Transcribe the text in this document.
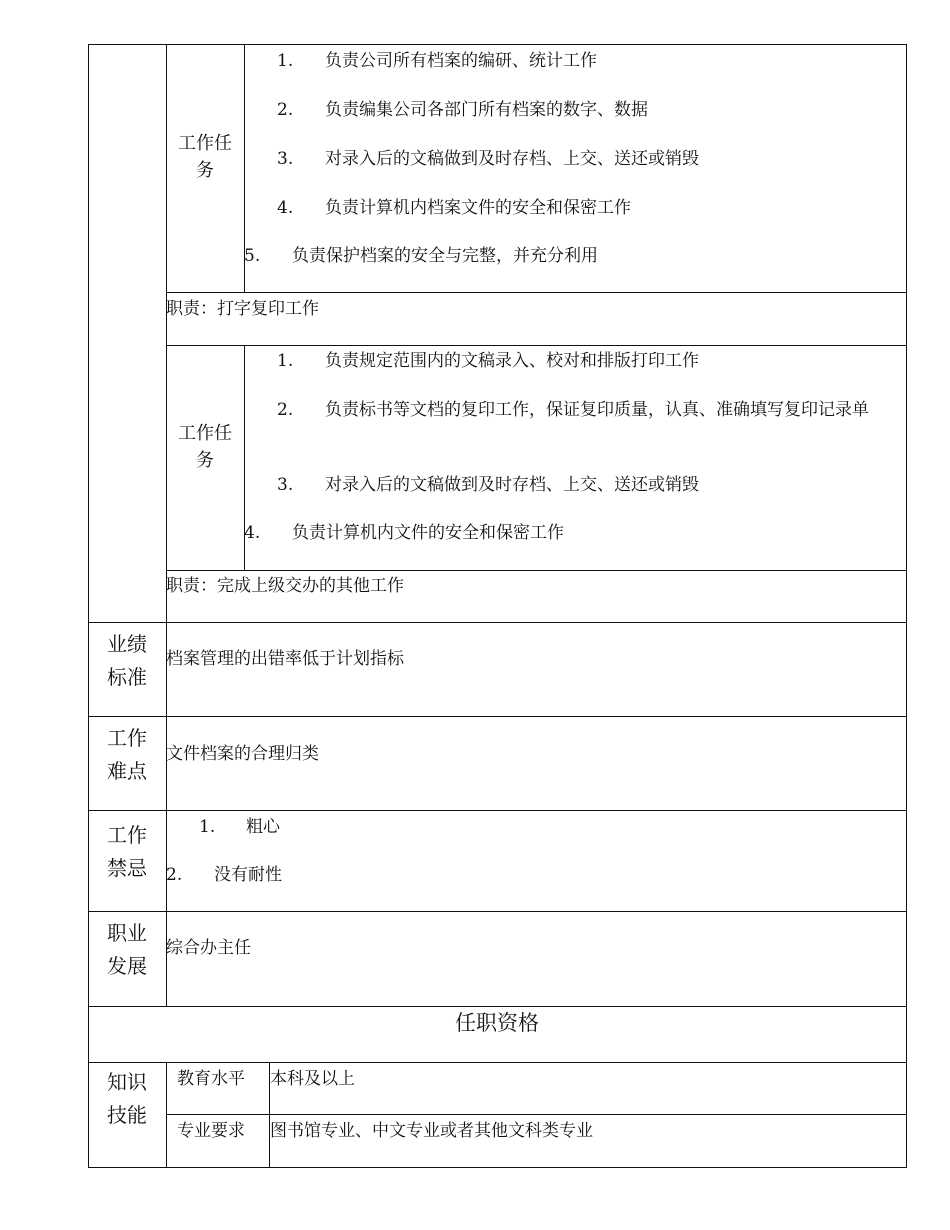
工作任务
1. 负责公司所有档案的编研、统计工作
2. 负责编集公司各部门所有档案的数字、数据
3. 对录入后的文稿做到及时存档、上交、送还或销毁
4. 负责计算机内档案文件的安全和保密工作
5. 负责保护档案的安全与完整，并充分利用
职责：打字复印工作
工作任务
1. 负责规定范围内的文稿录入、校对和排版打印工作
2. 负责标书等文档的复印工作，保证复印质量，认真、准确填写复印记录单
3. 对录入后的文稿做到及时存档、上交、送还或销毁
4. 负责计算机内文件的安全和保密工作
职责：完成上级交办的其他工作
业绩标准
档案管理的出错率低于计划指标
工作难点
文件档案的合理归类
工作禁忌
1. 粗心
2. 没有耐性
职业发展
综合办主任
任职资格
知识技能
教育水平 本科及以上
专业要求 图书馆专业、中文专业或者其他文科类专业
